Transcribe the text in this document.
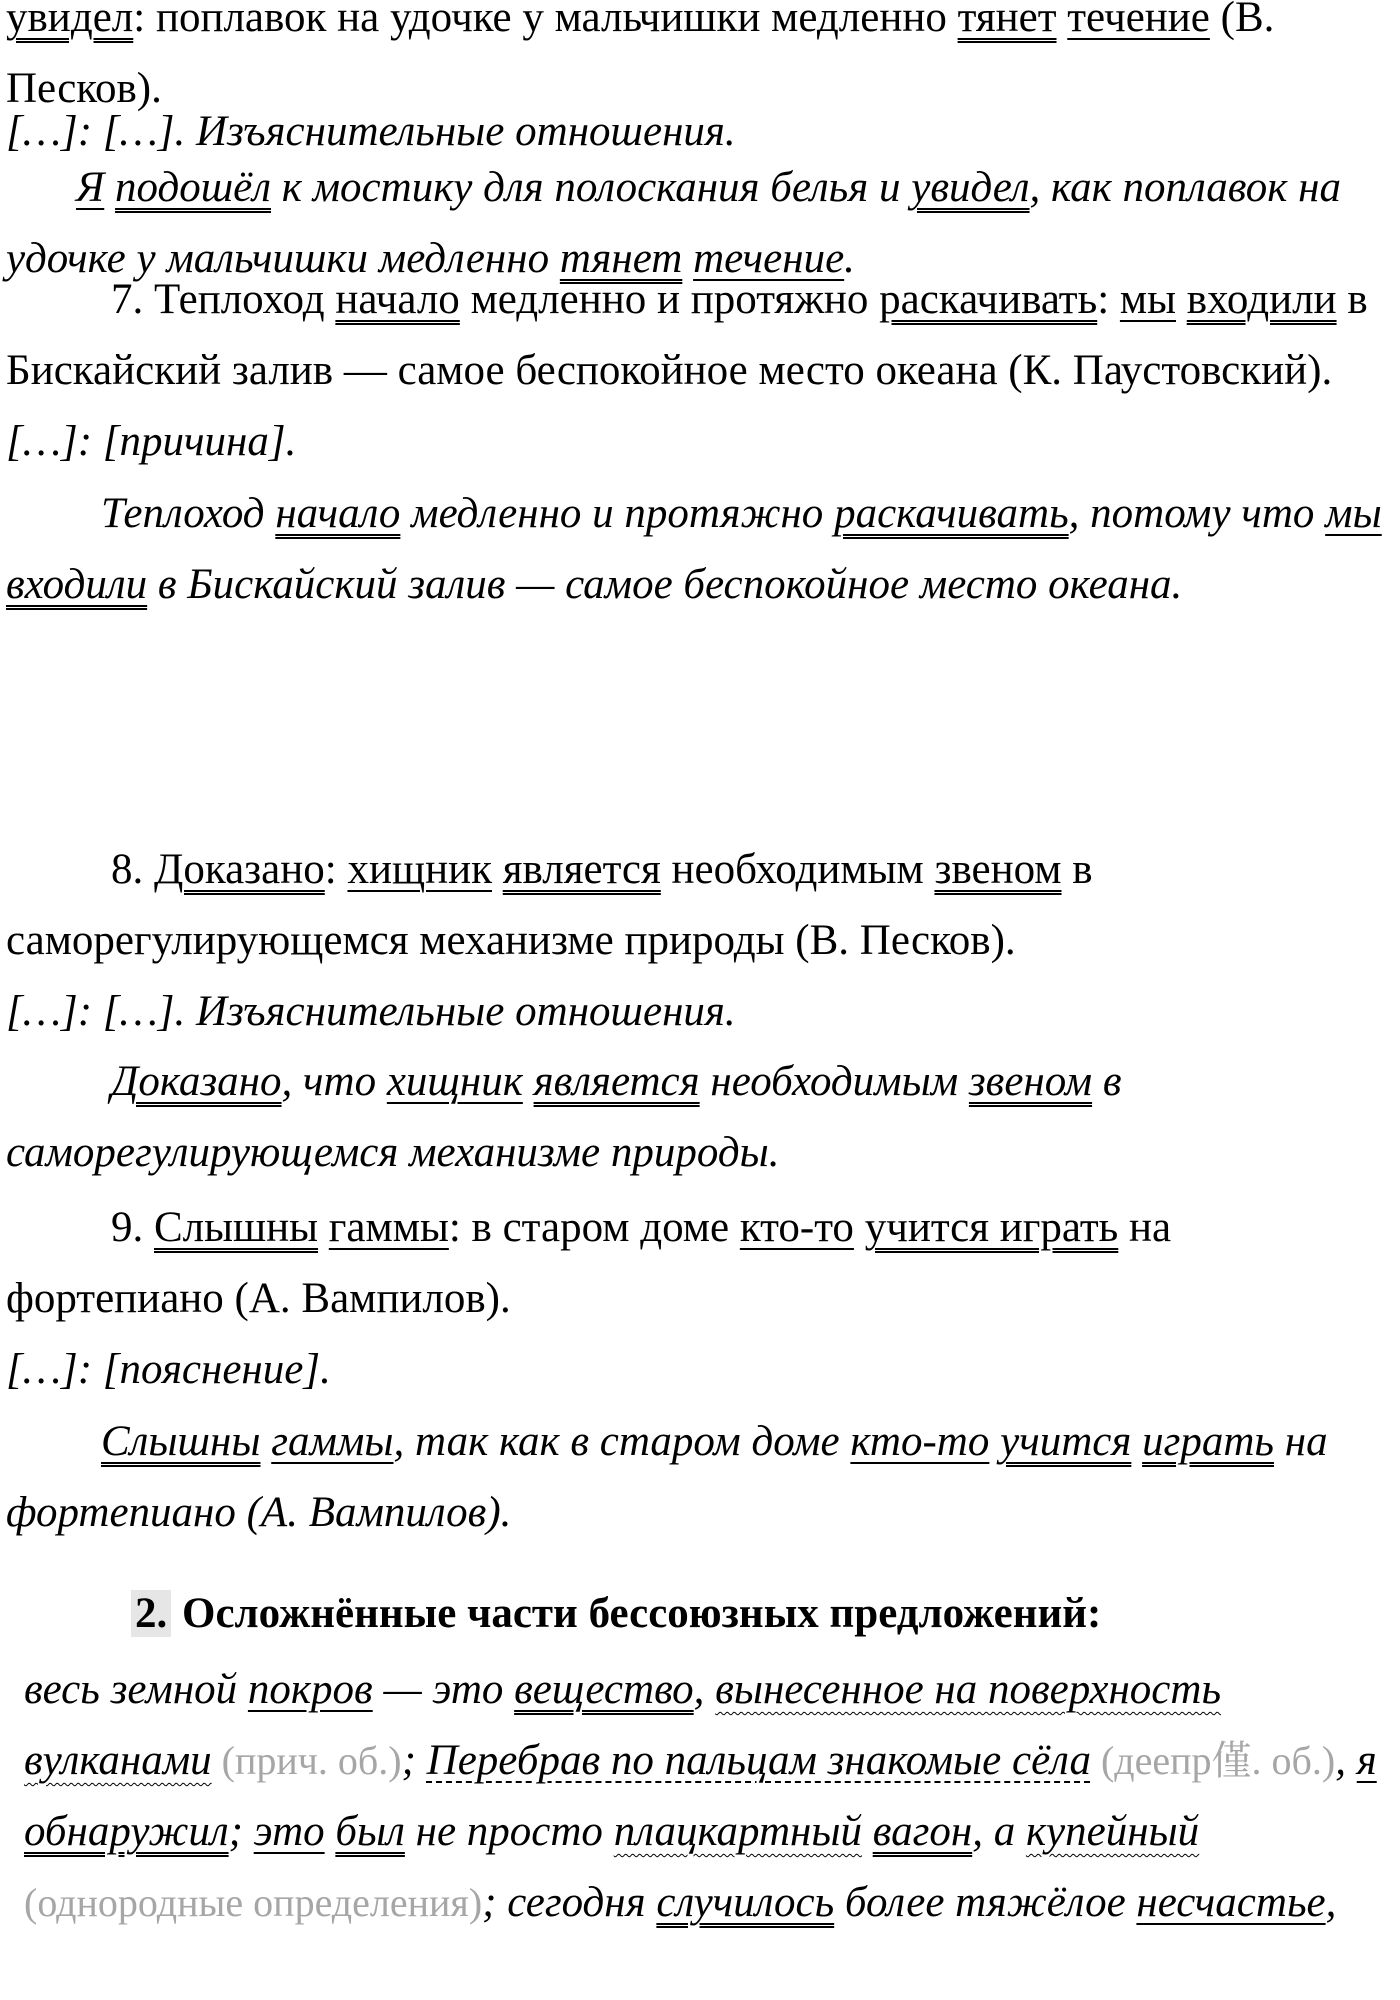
увидел: поплавок на удочке у мальчишки медленно тянет течение (В. Песков).

[…]: […]. Изъяснительные отношения.

Я подошёл к мостику для полоскания белья и увидел, как поплавок на удочке у мальчишки медленно тянет течение.

7. Теплоход начало медленно и протяжно раскачивать: мы входили в Бискайский залив — самое беспокойное место океана (К. Паустовский).

[…]: [причина].

Теплоход начало медленно и протяжно раскачивать, потому что мы входили в Бискайский залив — самое беспокойное место океана.

8. Доказано: хищник является необходимым звеном в саморегулирующемся механизме природы (В. Песков).

[…]: […]. Изъяснительные отношения.

Доказано, что хищник является необходимым звеном в саморегулирующемся механизме природы.

9. Слышны гаммы: в старом доме кто-то учится играть на фортепиано (А. Вампилов).

[…]: [пояснение].

Слышны гаммы, так как в старом доме кто-то учится играть на фортепиано (А. Вампилов).

2. Осложнённые части бессоюзных предложений:

весь земной покров — это вещество, вынесенное на поверхность вулканами (прич. об.); Перебрав по пальцам знакомые сёла (деепр僅. об.), я обнаружил; это был не просто плацкартный вагон, а купейный (однородные определения); сегодня случилось более тяжёлое несчастье,
